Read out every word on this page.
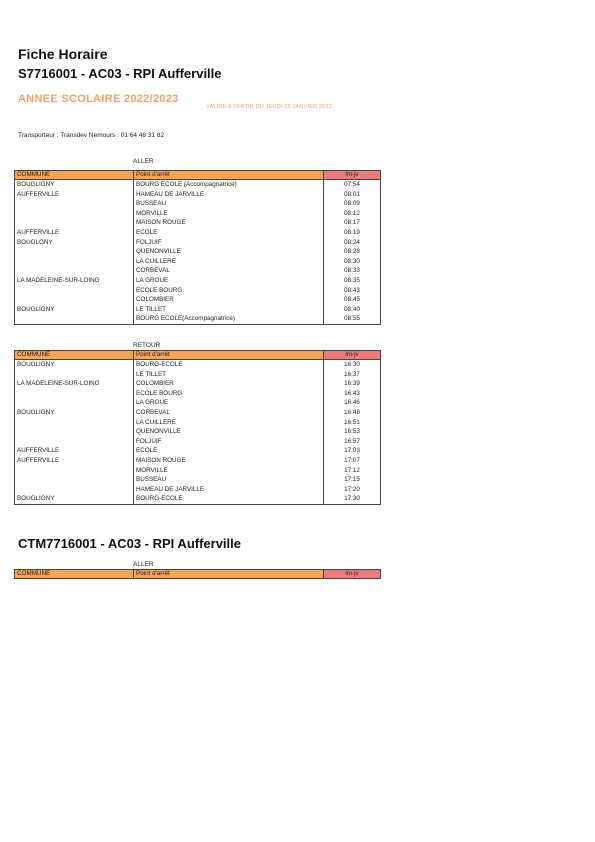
Fiche Horaire
S7716001 - AC03 - RPI Aufferville
ANNEE SCOLAIRE 2022/2023
VALIDE A PARTIR DU JEUDI 26 JANVIER 2023
Transporteur : Transdev Nemours : 01 64 46 31 82
ALLER
COMMUNE	Point d'arrêt	lm-jv
BOUGLIGNY	BOURG ECOLE (Accompagnatrice)	07:54
AUFFERVILLE	HAMEAU DE JARVILLE	08:01
	BUSSEAU	08:09
	MORVILLE	08:12
	MAISON ROUGE	08:17
AUFFERVILLE	ECOLE	08:19
BOUGLGNY	FOLJUIF	08:24
	QUENONVILLE	08:28
	LA CUILLERE	08:30
	CORBEVAL	08:33
LA MADELEINE-SUR-LOING	LA GROUE	08:35
	ECOLE BOURG	08:43
	COLOMBIER	08:45
BOUGLIGNY	LE TILLET	08:40
	BOURG ECOLE(Accompagnatrice)	08:55
RETOUR
COMMUNE	Point d'arrêt	lm-jv
BOUGLIGNY	BOURG-ECOLE	16:30
	LE TILLET	16:37
LA MADELEINE-SUR-LOING	COLOMBIER	16:39
	ECOLE BOURG	16:43
	LA GROUE	16:46
BOUGLIGNY	CORBEVAL	16:48
	LA CUILLERE	16:51
	QUENONVILLE	16:53
	FOLJUIF	16:57
AUFFERVILLE	ECOLE	17:03
AUFFERVILLE	MAISON ROUGE	17:07
	MORVILLE	17:12
	BUSSEAU	17:15
	HAMEAU DE JARVILLE	17:20
BOUGLIGNY	BOURG-ECOLE	17:30
CTM7716001 - AC03 - RPI Aufferville
ALLER
COMMUNE	Point d'arrêt	lm-jv
